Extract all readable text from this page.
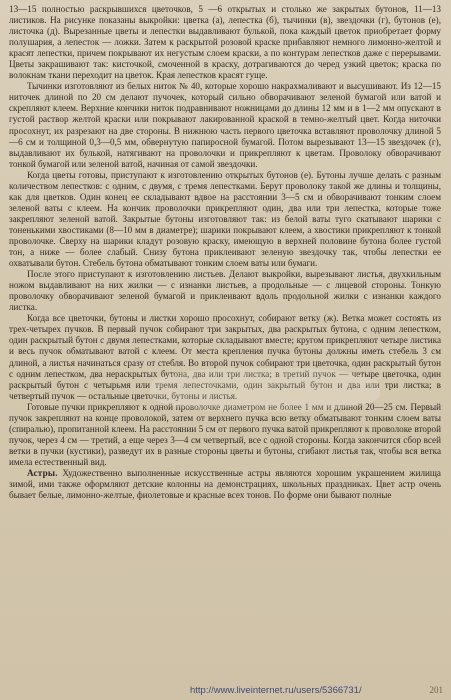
13—15 полностью раскрывшихся цветочков, 5 —6 открытых и столько же закрытых бутонов, 11—13 листиков. На рисунке показаны выкройки: цветка (а), лепестка (б), тычинки (в), звездочки (г), бутонов (е), листочка (д). Вырезанные цветы и лепестки выдавливают булькой, пока каждый цветок приобретает форму полушария, а лепесток — ложки. Затем к раскрытой розовой краске прибавляют немного лимонно-желтой и красят лепестки, причем покрывают их негустым слоем краски, а по контурам лепестков даже с перерывами. Цветы закрашивают так: кисточкой, смоченной в краску, дотрагиваются до черед узкий цветок; краска по волокнам ткани переходит на цветок. Края лепестков красят гуще.

Тычинки изготовляют из белых ниток № 40, которые хорошо накрахмаливают и высушивают. Из 12—15 ниточек длиной по 20 см делают пучочек, который сильно обворачивают зеленой бумагой или ватой и скрепляют клеем. Верхние кончики ниток подравнивают ножницами до длины 12 мм и в 1—2 мм опускают в густой раствор желтой краски или покрывают лакированной краской в темно-желтый цвет. Когда ниточки просохнут, их разрезают на две стороны. В нижнюю часть первого цветочка вставляют проволочку длиной 5—6 см и толщиной 0,3—0,5 мм, обвернутую папиросной бумагой. Потом вырезывают 13—15 звездочек (г), выдавливают их булькой, натягивают на проволочки и прикрепляют к цветам. Проволоку обворачивают тонкой бумагой или зеленой ватой, начиная от самой звездочки.

Когда цветы готовы, приступают к изготовлению открытых бутонов (е). Бутоны лучше делать с разным количеством лепестков: с одним, с двумя, с тремя лепестками. Берут проволоку такой же длины и толщины, как для цветков. Один конец ее складывают вдвое на расстоянии 3—5 см и обворачивают тонким слоем зеленой ваты с клеем. На кончик проволочки прикрепляют один, два или три лепестка, которые тоже закрепляют зеленой ватой. Закрытые бутоны изготовляют так: из белой ваты туго скатывают шарики с тоненькими хвостиками (8—10 мм в диаметре); шарики покрывают клеем, а хвостики прикрепляют к тонкой проволочке. Сверху на шарики кладут розовую краску, имеющую в верхней половине бутона более густой тон, а ниже — более слабый. Снизу бутона приклеивают зеленую звездочку так, чтобы лепестки ее охватывали бутон. Стебель бутона обматывают тонким слоем ваты или бумаги.

После этого приступают к изготовлению листьев. Делают выкройки, вырезывают листья, двухкильным ножом выдавливают на них жилки — с изнанки листьев, а продольные — с лицевой стороны. Тонкую проволочку обворачивают зеленой бумагой и приклеивают вдоль продольной жилки с изнанки каждого листка.

Когда все цветочки, бутоны и листки хорошо просохнут, собирают ветку (ж). Ветка может состоять из трех-четырех пучков. В первый пучок собирают три закрытых, два раскрытых бутона, с одним лепестком, один раскрытый бутон с двумя лепестками, которые складывают вместе; кругом прикрепляют четыре листика и весь пучок обматывают ватой с клеем. От места крепления пучка бутоны должны иметь стебель 3 см длиной, а листья начинаться сразу от стебля. Во второй пучок собирают три цветочка, один раскрытый бутон с одним лепестком, два нераскрытых бутона, два или три листка; в третий пучок — четыре цветочка, один раскрытый бутон с четырьмя или тремя лепесточками, один закрытый бутон и два или три листка; в четвертый пучок — остальные цветочки, бутоны и листья.

Готовые пучки прикрепляют к одной проволочке диаметром не более 1 мм и длиной 20—25 см. Первый пучок закрепляют на конце проволокой, затем от верхнего пучка всю ветку обматывают тонким слоем ваты (спиралью), пропитанной клеем. На расстоянии 5 см от первого пучка ватой прикрепляют к проволоке второй пучок, через 4 см — третий, а еще через 3—4 см четвертый, все с одной стороны. Когда закончится сбор всей ветки в пучки (кустики), разведут их в разные стороны цветы и бутоны, сгибают листья так, чтобы вся ветка имела естественный вид.

Астры. Художественно выполненные искусственные астры являются хорошим украшением жилища зимой, ими также оформляют детские колонны на демонстрациях, школьных праздниках. Цвет астр очень бывает белые, лимонно-желтые, фиолетовые и красные всех тонов. По форме они бывают полные

http://www.liveinternet.ru/users/5366731/	201
